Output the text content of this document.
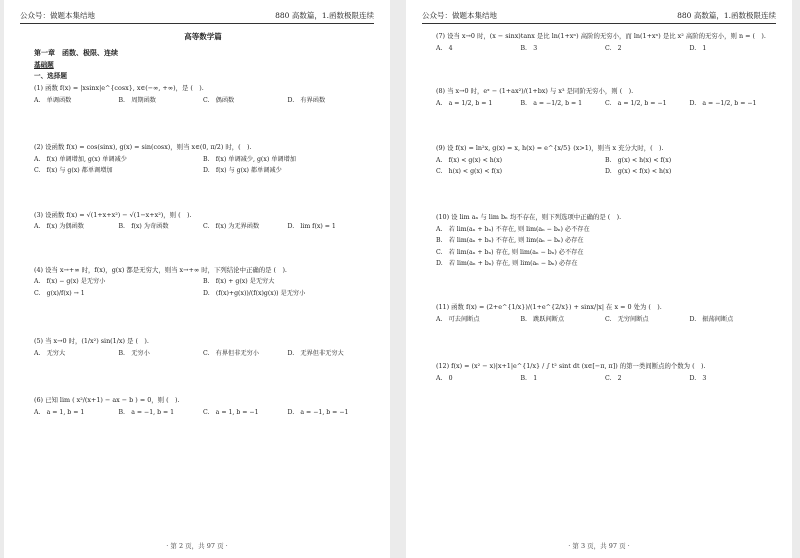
公众号：做题本集结地	880 高数篇，1.函数极限连续
高等数学篇
第一章　函数、极限、连续
基础题
一、选择题
(1) 函数 f(x) = |xsinx|e^{cosx}, x∈(−∞, +∞)，是 (　).
A.　单调函数	B.　周期函数	C.　偶函数	D.　有界函数
(2) 设函数 f(x) = cos(sinx), g(x) = sin(cosx)，则当 x∈(0, π/2) 时，(　).
A.　f(x) 单调增加, g(x) 单调减少	B.　f(x) 单调减少, g(x) 单调增加
C.　f(x) 与 g(x) 都单调增加	D.　f(x) 与 g(x) 都单调减少
(3) 设函数 f(x) = √(1+x+x²) − √(1−x+x²)，则 (　).
A.　f(x) 为偶函数	B.　f(x) 为奇函数	C.　f(x) 为无界函数	D.　lim f(x) = 1
(4) 设当 x→+∞ 时，f(x)，g(x) 都是无穷大，则当 x→+∞ 时，下列结论中正确的是 (　).
A.　f(x) − g(x) 是无穷小	B.　f(x) + g(x) 是无穷大
C.　g(x)/f(x) → 1	D.　(f(x)+g(x))/(f(x)g(x)) 是无穷小
(5) 当 x→0 时，(1/x²) sin(1/x) 是 (　).
A.　无穷大	B.　无穷小	C.　有界但非无穷小	D.　无界但非无穷大
(6) 已知 lim ( x²/(x+1) − ax − b ) = 0，则 (　).
A.　a = 1, b = 1	B.　a = −1, b = 1	C.　a = 1, b = −1	D.　a = −1, b = −1
· 第 2 页，共 97 页 ·
公众号：做题本集结地	880 高数篇，1.函数极限连续
(7) 设当 x→0 时，(x − sinx)tanx 是比 ln(1+xⁿ) 高阶的无穷小，而 ln(1+xⁿ) 是比 x² 高阶的无穷小，则 n = (　).
A.　4	B.　3	C.　2	D.　1
(8) 当 x→0 时，eˣ − (1+ax²)/(1+bx) 与 x³ 是同阶无穷小，则 (　).
A.　a = 1/2, b = 1	B.　a = −1/2, b = 1	C.　a = 1/2, b = −1	D.　a = −1/2, b = −1
(9) 设 f(x) = ln²x, g(x) = x, h(x) = e^{x/5} (x>1)，则当 x 充分大时，(　).
A.　f(x) < g(x) < h(x)	B.　g(x) < h(x) < f(x)
C.　h(x) < g(x) < f(x)	D.　g(x) < f(x) < h(x)
(10) 设 lim aₙ 与 lim bₙ 均不存在，则下列选项中正确的是 (　).
A.　若 lim(aₙ + bₙ) 不存在, 则 lim(aₙ − bₙ) 必不存在
B.　若 lim(aₙ + bₙ) 不存在, 则 lim(aₙ − bₙ) 必存在
C.　若 lim(aₙ + bₙ) 存在, 则 lim(aₙ − bₙ) 必不存在
D.　若 lim(aₙ + bₙ) 存在, 则 lim(aₙ − bₙ) 必存在
(11) 函数 f(x) = (2+e^{1/x})/(1+e^{2/x}) + sinx/|x| 在 x = 0 处为 (　).
A.　可去间断点	B.　跳跃间断点	C.　无穷间断点	D.　振荡间断点
(12) f(x) = (x² − x)|x+1|e^{1/x} / ∫ t² sint dt (x∈[−π, π]) 的第一类间断点的个数为 (　).
A.　0	B.　1	C.　2	D.　3
· 第 3 页，共 97 页 ·
